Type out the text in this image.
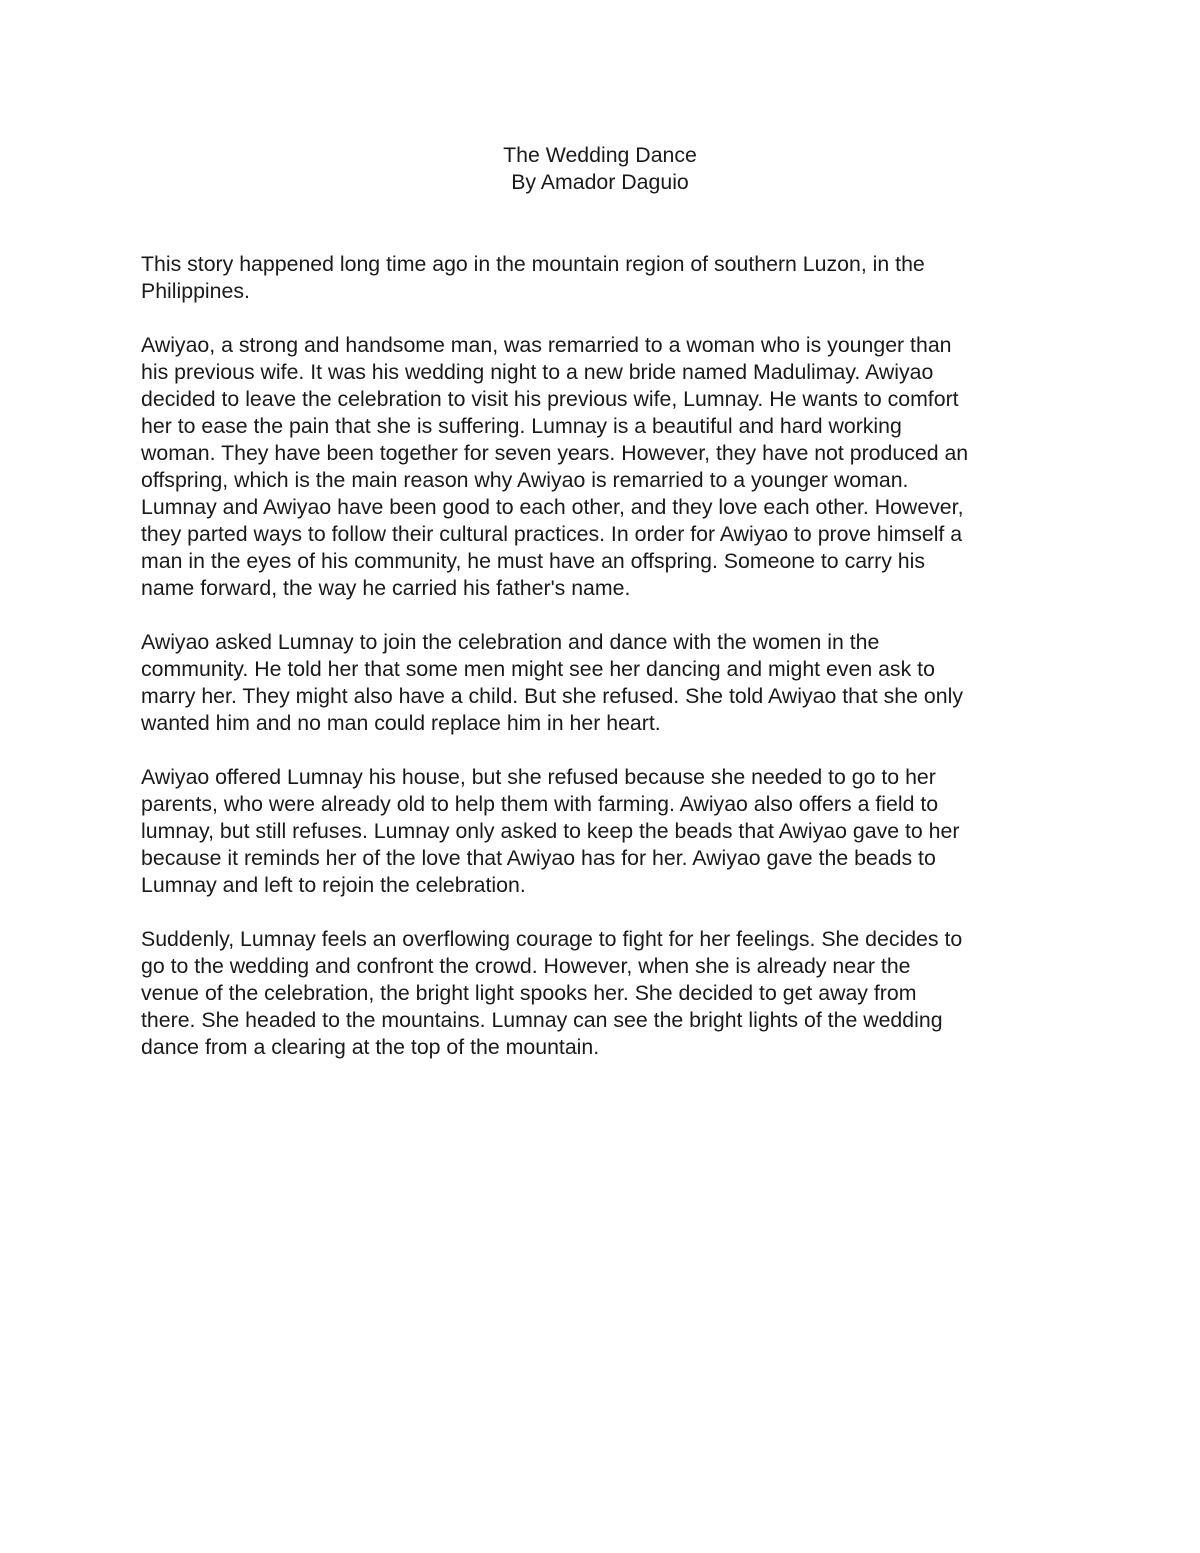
The Wedding Dance
By Amador Daguio
This story happened long time ago in the mountain region of southern Luzon, in the
Philippines.
Awiyao, a strong and handsome man, was remarried to a woman who is younger than
his previous wife. It was his wedding night to a new bride named Madulimay. Awiyao
decided to leave the celebration to visit his previous wife, Lumnay. He wants to comfort
her to ease the pain that she is suffering. Lumnay is a beautiful and hard working
woman. They have been together for seven years. However, they have not produced an
offspring, which is the main reason why Awiyao is remarried to a younger woman.
Lumnay and Awiyao have been good to each other, and they love each other. However,
they parted ways to follow their cultural practices. In order for Awiyao to prove himself a
man in the eyes of his community, he must have an offspring. Someone to carry his
name forward, the way he carried his father's name.
Awiyao asked Lumnay to join the celebration and dance with the women in the
community. He told her that some men might see her dancing and might even ask to
marry her. They might also have a child. But she refused. She told Awiyao that she only
wanted him and no man could replace him in her heart.
Awiyao offered Lumnay his house, but she refused because she needed to go to her
parents, who were already old to help them with farming. Awiyao also offers a field to
lumnay, but still refuses. Lumnay only asked to keep the beads that Awiyao gave to her
because it reminds her of the love that Awiyao has for her. Awiyao gave the beads to
Lumnay and left to rejoin the celebration.
Suddenly, Lumnay feels an overflowing courage to fight for her feelings. She decides to
go to the wedding and confront the crowd. However, when she is already near the
venue of the celebration, the bright light spooks her. She decided to get away from
there. She headed to the mountains. Lumnay can see the bright lights of the wedding
dance from a clearing at the top of the mountain.
